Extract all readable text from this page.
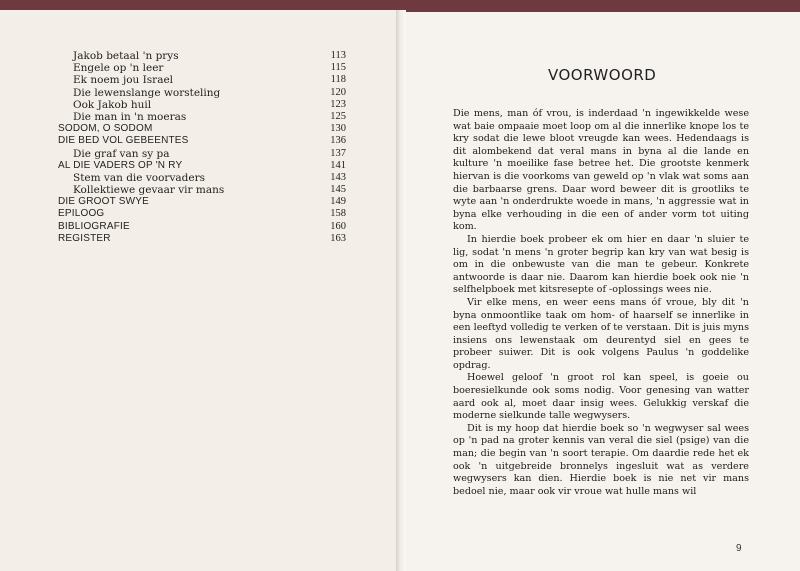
Jakob betaal 'n prys	113
Engele op 'n leer	115
Ek noem jou Israel	118
Die lewenslange worsteling	120
Ook Jakob huil	123
Die man in 'n moeras	125
SODOM, O SODOM	130
DIE BED VOL GEBEENTES	136
Die graf van sy pa	137
AL DIE VADERS OP 'N RY	141
Stem van die voorvaders	143
Kollektiewe gevaar vir mans	145
DIE GROOT SWYE	149
EPILOOG	158
BIBLIOGRAFIE	160
REGISTER	163
VOORWOORD

Die mens, man óf vrou, is inderdaad 'n ingewikkelde wese wat baie ompaaie moet loop om al die innerlike knope los te kry sodat die lewe bloot vreugde kan wees. Hedendaags is dit alombekend dat veral mans in byna al die lande en kulture 'n moeilike fase betree het. Die grootste kenmerk hiervan is die voorkoms van geweld op 'n vlak wat soms aan die barbaarse grens. Daar word beweer dit is grootliks te wyte aan 'n onderdrukte woede in mans, 'n aggressie wat in byna elke verhouding in die een of ander vorm tot uiting kom.

In hierdie boek probeer ek om hier en daar 'n sluier te lig, sodat 'n mens 'n groter begrip kan kry van wat besig is om in die onbewuste van die man te gebeur. Konkrete antwoorde is daar nie. Daarom kan hierdie boek ook nie 'n selfhelpboek met kitsresepte of -oplossings wees nie.

Vir elke mens, en weer eens mans óf vroue, bly dit 'n byna onmoontlike taak om hom- of haarself se innerlike in een leeftyd volledig te verken of te verstaan. Dit is juis myns insiens ons lewenstaak om deurentyd siel en gees te probeer suiwer. Dit is ook volgens Paulus 'n goddelike opdrag.

Hoewel geloof 'n groot rol kan speel, is goeie ou boeresielkunde ook soms nodig. Voor genesing van watter aard ook al, moet daar insig wees. Gelukkig verskaf die moderne sielkunde talle wegwysers.

Dit is my hoop dat hierdie boek so 'n wegwyser sal wees op 'n pad na groter kennis van veral die siel (psige) van die man; die begin van 'n soort terapie. Om daardie rede het ek ook 'n uitgebreide bronnelys ingesluit wat as verdere wegwysers kan dien. Hierdie boek is nie net vir mans bedoel nie, maar ook vir vroue wat hulle mans wil

9
